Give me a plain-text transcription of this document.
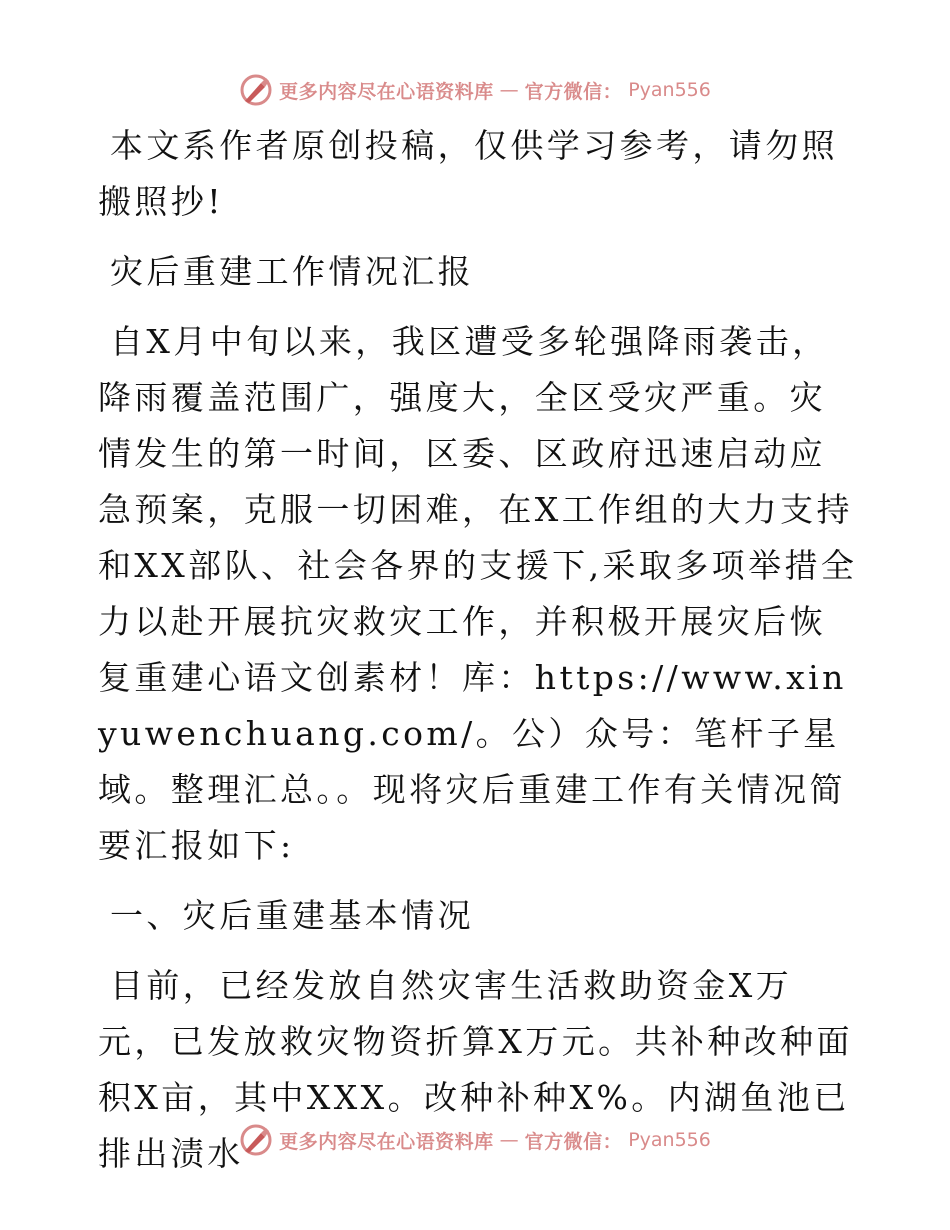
更多内容尽在心语资料库 — 官方微信： Pyan556

本文系作者原创投稿，仅供学习参考，请勿照搬照抄!

灾后重建工作情况汇报

自X月中旬以来，我区遭受多轮强降雨袭击，降雨覆盖范围广，强度大，全区受灾严重。灾情发生的第一时间，区委、区政府迅速启动应急预案，克服一切困难，在X工作组的大力支持和XX部队、社会各界的支援下,采取多项举措全力以赴开展抗灾救灾工作，并积极开展灾后恢复重建心语文创素材！库：https://www.xinyuwenchuang.com/。公）众号：笔杆子星域。整理汇总。。现将灾后重建工作有关情况简要汇报如下:

一、灾后重建基本情况

目前，已经发放自然灾害生活救助资金X万元，已发放救灾物资折算X万元。共补种改种面积X亩，其中XXX。改种补种X%。内湖鱼池已排出渍水	更多内容尽在心语资料库 — 官方微信： Pyan556
